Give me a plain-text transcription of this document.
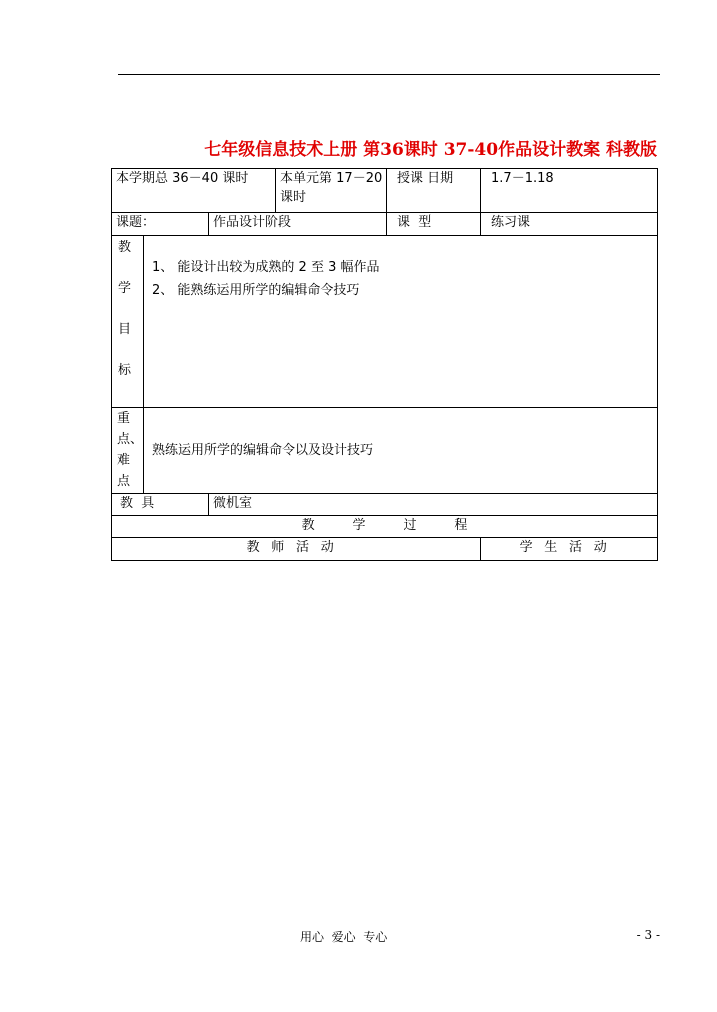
七年级信息技术上册 第36课时 37-40作品设计教案 科教版
本学期总 36－40 课时			本单元第 17－20 课时	授课 日期	1.7－1.18
课题：		作品设计阶段		课  型	练习课

教
学
目
标	1、 能设计出较为成熟的 2 至 3 幅作品
2、 能熟练运用所学的编辑命令技巧				

重
点、
难
点	熟练运用所学的编辑命令以及设计技巧				
教  具		微机室			
教 学 过 程					
教师活动					学生活动
用心  爱心  专心	- 3 -
